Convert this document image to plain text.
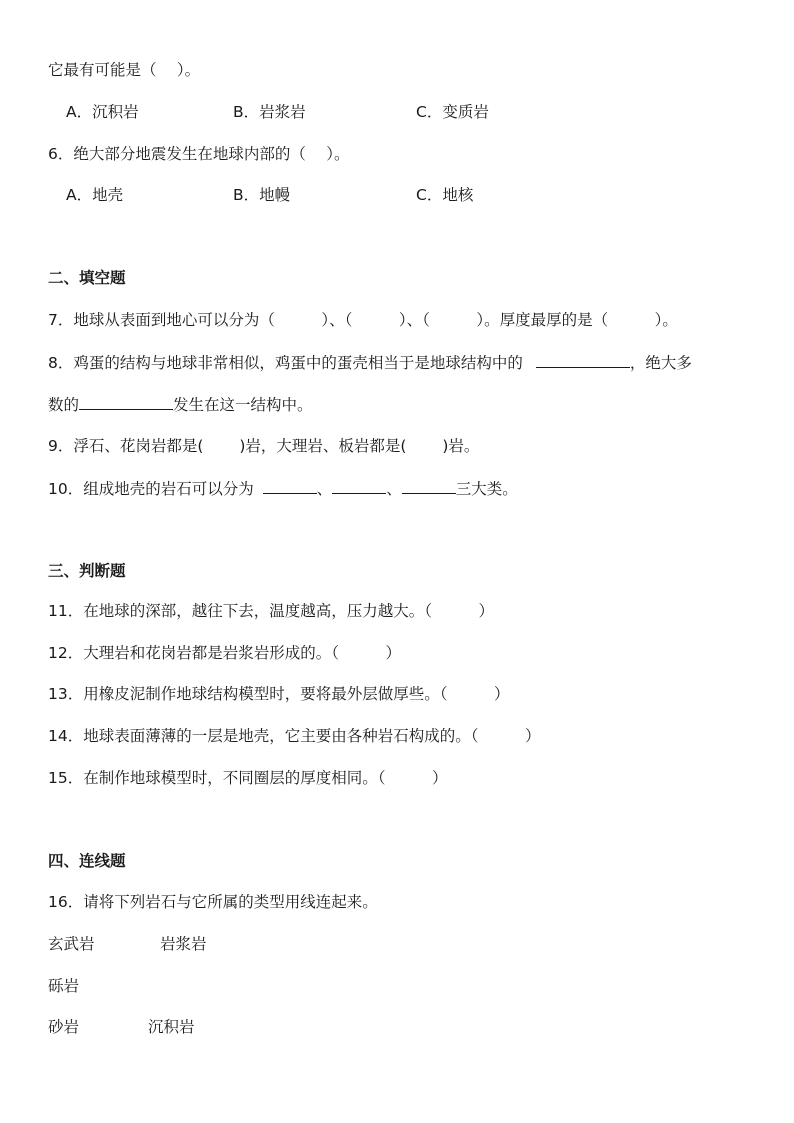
它最有可能是（　 ）。
A．沉积岩	B．岩浆岩	C．变质岩
6．绝大部分地震发生在地球内部的（　 ）。
A．地壳	B．地幔	C．地核
二、填空题
7．地球从表面到地心可以分为（　　　）、（　　　）、（　　　）。厚度最厚的是（　　　）。
8．鸡蛋的结构与地球非常相似，鸡蛋中的蛋壳相当于是地球结构中的	，绝大多
数的	发生在这一结构中。
9．浮石、花岗岩都是(　　 )岩，大理岩、板岩都是(　　 )岩。
10．组成地壳的岩石可以分为	、	、	三大类。
三、判断题
11．在地球的深部，越往下去，温度越高，压力越大。（　　　）
12．大理岩和花岗岩都是岩浆岩形成的。（　　　）
13．用橡皮泥制作地球结构模型时，要将最外层做厚些。（　　　）
14．地球表面薄薄的一层是地壳，它主要由各种岩石构成的。（　　　）
15．在制作地球模型时，不同圈层的厚度相同。（　　　）
四、连线题
16．请将下列岩石与它所属的类型用线连起来。
玄武岩	岩浆岩
砾岩
砂岩	沉积岩
